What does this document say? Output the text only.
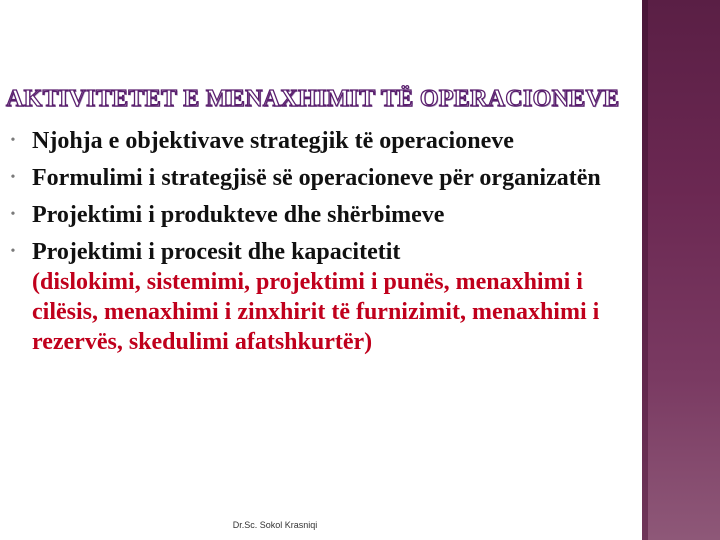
AKTIVITETET E MENAXHIMIT TË OPERACIONEVE
• Njohja e objektivave strategjik të operacioneve
• Formulimi i strategjisë së operacioneve për organizatën
• Projektimi i produkteve dhe shërbimeve
• Projektimi i procesit dhe kapacitetit
(dislokimi, sistemimi, projektimi i punës, menaxhimi i cilësis, menaxhimi i zinxhirit të furnizimit, menaxhimi i rezervës, skedulimi afatshkurtër)
Dr.Sc. Sokol Krasniqi
